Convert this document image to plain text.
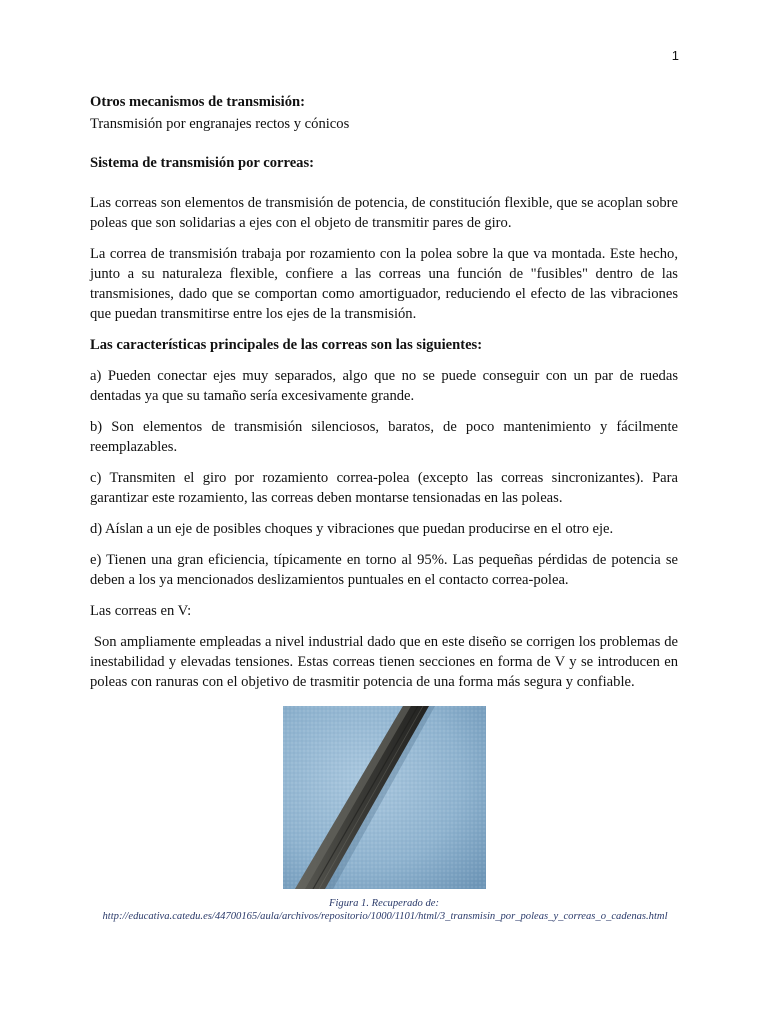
1

Otros mecanismos de transmisión:

Transmisión por engranajes rectos y cónicos

Sistema de transmisión por correas:

Las correas son elementos de transmisión de potencia, de constitución flexible, que se acoplan sobre poleas que son solidarias a ejes con el objeto de transmitir pares de giro.

La correa de transmisión trabaja por rozamiento con la polea sobre la que va montada. Este hecho, junto a su naturaleza flexible, confiere a las correas una función de "fusibles" dentro de las transmisiones, dado que se comportan como amortiguador, reduciendo el efecto de las vibraciones que puedan transmitirse entre los ejes de la transmisión.

Las características principales de las correas son las siguientes:

a) Pueden conectar ejes muy separados, algo que no se puede conseguir con un par de ruedas dentadas ya que su tamaño sería excesivamente grande.

b) Son elementos de transmisión silenciosos, baratos, de poco mantenimiento y fácilmente reemplazables.

c) Transmiten el giro por rozamiento correa-polea (excepto las correas sincronizantes). Para garantizar este rozamiento, las correas deben montarse tensionadas en las poleas.

d) Aíslan a un eje de posibles choques y vibraciones que puedan producirse en el otro eje.

e) Tienen una gran eficiencia, típicamente en torno al 95%. Las pequeñas pérdidas de potencia se deben a los ya mencionados deslizamientos puntuales en el contacto correa-polea.

Las correas en V:

Son ampliamente empleadas a nivel industrial dado que en este diseño se corrigen los problemas de inestabilidad y elevadas tensiones. Estas correas tienen secciones en forma de V y se introducen en poleas con ranuras con el objetivo de trasmitir potencia de una forma más segura y confiable.

Figura 1. Recuperado de:
http://educativa.catedu.es/44700165/aula/archivos/repositorio/1000/1101/html/3_transmisin_por_poleas_y_correas_o_cadenas.html
